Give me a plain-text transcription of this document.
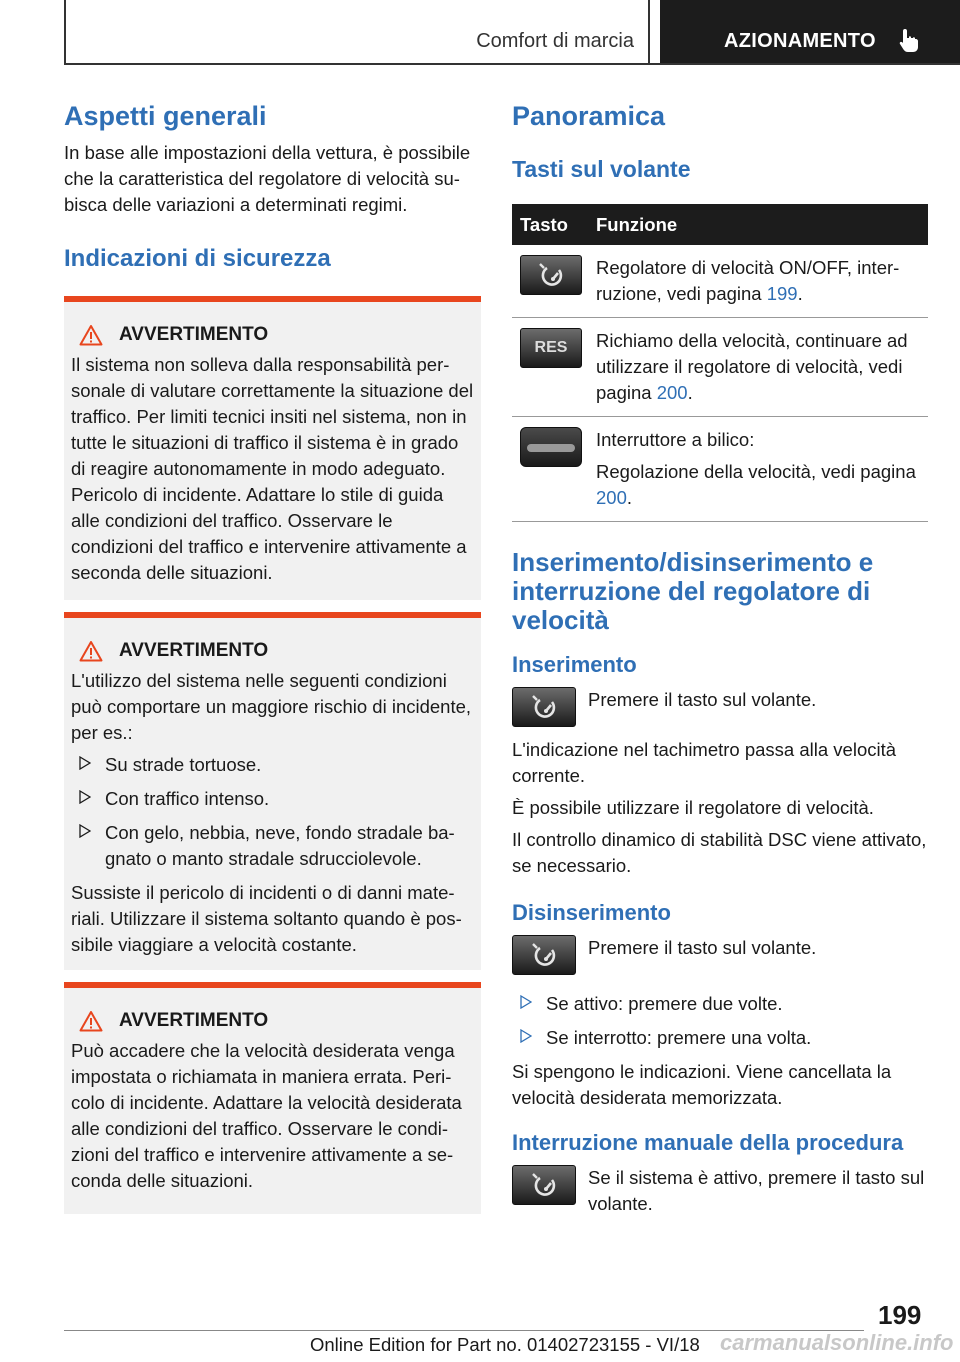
Comfort di marcia	AZIONAMENTO
Aspetti generali

In base alle impostazioni della vettura, è possibile che la caratteristica del regolatore di velocità subisca delle variazioni a determinati regimi.

Indicazioni di sicurezza
AVVERTIMENTO

Il sistema non solleva dalla responsabilità personale di valutare correttamente la situazione del traffico. Per limiti tecnici insiti nel sistema, non in tutte le situazioni di traffico il sistema è in grado di reagire autonomamente in modo adeguato. Pericolo di incidente. Adattare lo stile di guida alle condizioni del traffico. Osservare le condizioni del traffico e intervenire attivamente a seconda delle situazioni.

AVVERTIMENTO

L'utilizzo del sistema nelle seguenti condizioni può comportare un maggiore rischio di incidente, per es.:

Su strade tortuose.
Con traffico intenso.
Con gelo, nebbia, neve, fondo stradale bagnato o manto stradale sdrucciolevole.

Sussiste il pericolo di incidenti o di danni materiali. Utilizzare il sistema soltanto quando è possibile viaggiare a velocità costante.

AVVERTIMENTO

Può accadere che la velocità desiderata venga impostata o richiamata in maniera errata. Pericolo di incidente. Adattare la velocità desiderata alle condizioni del traffico. Osservare le condizioni del traffico e intervenire attivamente a seconda delle situazioni.

Panoramica
Tasti sul volante
Tasto	Funzione

	Regolatore di velocità ON/OFF, interruzione, vedi pagina 199.

RES	Richiamo della velocità, continuare ad utilizzare il regolatore di velocità, vedi pagina 200.

	Interruttore a bilico:
Regolazione della velocità, vedi pagina 200.
Inserimento/disinserimento e interruzione del regolatore di velocità
Inserimento

Premere il tasto sul volante.

L'indicazione nel tachimetro passa alla velocità corrente.

È possibile utilizzare il regolatore di velocità.

Il controllo dinamico di stabilità DSC viene attivato, se necessario.

Disinserimento

Premere il tasto sul volante.

Se attivo: premere due volte.
Se interrotto: premere una volta.

Si spengono le indicazioni. Viene cancellata la velocità desiderata memorizzata.

Interruzione manuale della procedura

Se il sistema è attivo, premere il tasto sul volante.

199
Online Edition for Part no. 01402723155 - VI/18 carmanualsonline.info
